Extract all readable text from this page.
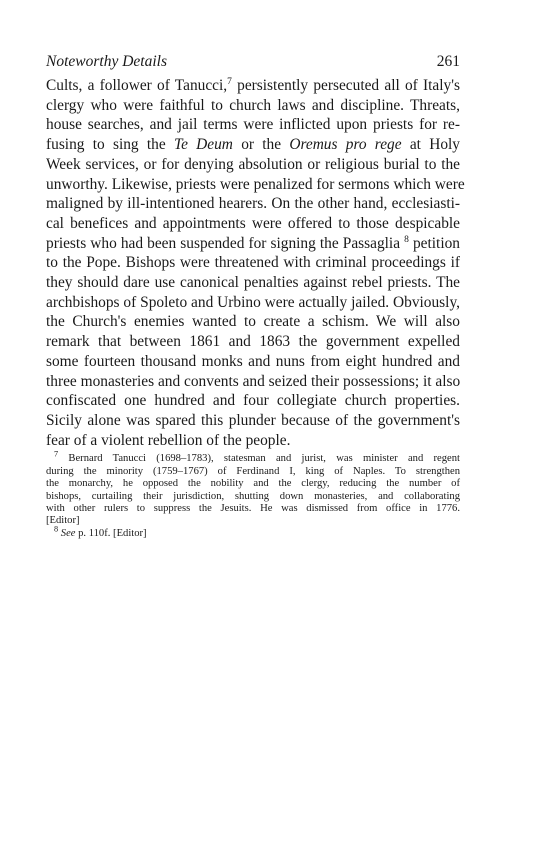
Noteworthy Details	261
Cults, a follower of Tanucci,$^7$ persistently persecuted all of Italy's
clergy who were faithful to church laws and discipline. Threats,
house searches, and jail terms were inflicted upon priests for re-
fusing to sing the Te Deum or the Oremus pro rege at Holy
Week services, or for denying absolution or religious burial to the
unworthy. Likewise, priests were penalized for sermons which were
maligned by ill-intentioned hearers. On the other hand, ecclesiasti-
cal benefices and appointments were offered to those despicable
priests who had been suspended for signing the Passaglia $^8$ petition
to the Pope. Bishops were threatened with criminal proceedings if
they should dare use canonical penalties against rebel priests. The
archbishops of Spoleto and Urbino were actually jailed. Obviously,
the Church's enemies wanted to create a schism. We will also
remark that between 1861 and 1863 the government expelled
some fourteen thousand monks and nuns from eight hundred and
three monasteries and convents and seized their possessions; it also
confiscated one hundred and four collegiate church properties.
Sicily alone was spared this plunder because of the government's
fear of a violent rebellion of the people.
$^7$ Bernard Tanucci (1698–1783), statesman and jurist, was minister and regent
during the minority (1759–1767) of Ferdinand I, king of Naples. To strengthen
the monarchy, he opposed the nobility and the clergy, reducing the number of
bishops, curtailing their jurisdiction, shutting down monasteries, and collaborating
with other rulers to suppress the Jesuits. He was dismissed from office in 1776.
[Editor]
$^8$ See p. 110f. [Editor]
